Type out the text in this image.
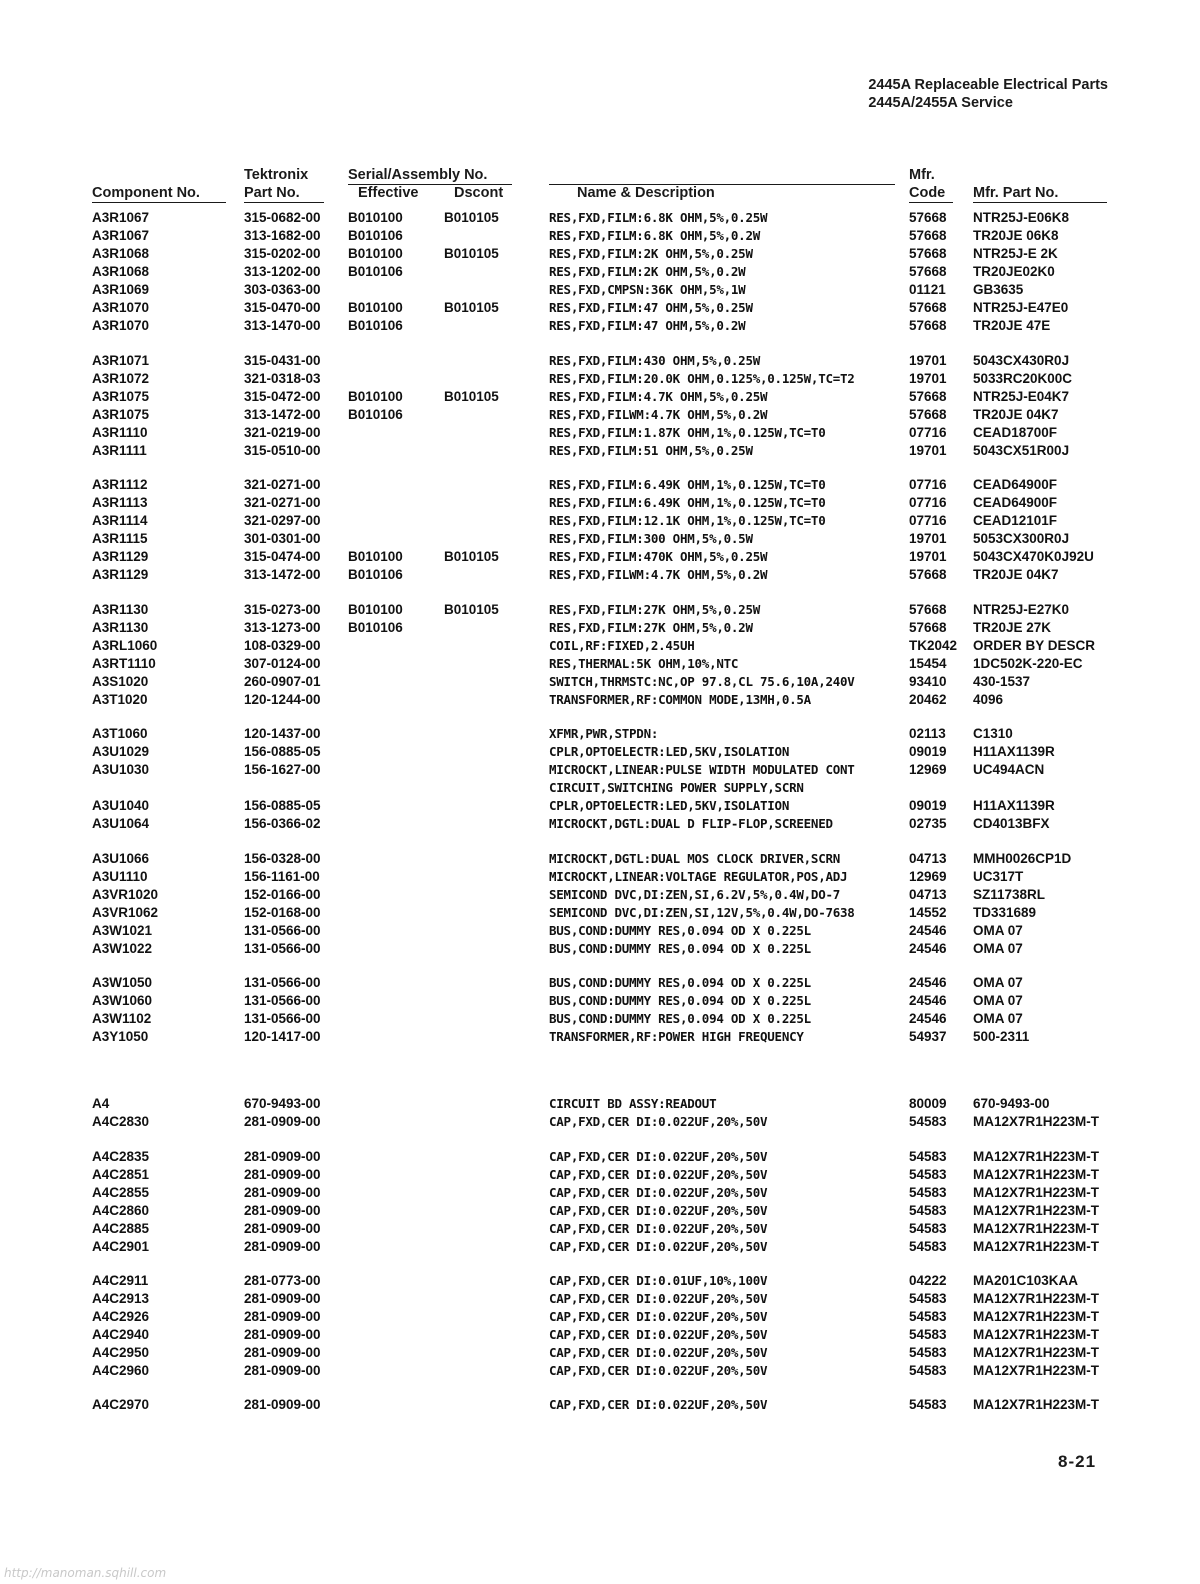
2445A Replaceable Electrical Parts
2445A/2455A Service
Tektronix	Serial/Assembly No.	Mfr.
Component No.	Part No.	Effective Dscont	Name & Description	Code	Mfr. Part No.
A3R1067	315-0682-00 B010100	B010105	RES,FXD,FILM:6.8K OHM,5%,0.25W	57668 NTR25J-E06K8
A3R1067	313-1682-00 B010106	RES,FXD,FILM:6.8K OHM,5%,0.2W	57668 TR20JE 06K8
A3R1068	315-0202-00 B010100	B010105	RES,FXD,FILM:2K OHM,5%,0.25W	57668 NTR25J-E 2K
A3R1068	313-1202-00 B010106	RES,FXD,FILM:2K OHM,5%,0.2W	57668 TR20JE02K0
A3R1069	303-0363-00	RES,FXD,CMPSN:36K OHM,5%,1W	01121 GB3635
A3R1070	315-0470-00 B010100	B010105	RES,FXD,FILM:47 OHM,5%,0.25W	57668 NTR25J-E47E0
A3R1070	313-1470-00 B010106	RES,FXD,FILM:47 OHM,5%,0.2W	57668 TR20JE 47E
A3R1071	315-0431-00	RES,FXD,FILM:430 OHM,5%,0.25W	19701 5043CX430R0J
A3R1072	321-0318-03	RES,FXD,FILM:20.0K OHM,0.125%,0.125W,TC=T2	19701 5033RC20K00C
A3R1075	315-0472-00 B010100	B010105	RES,FXD,FILM:4.7K OHM,5%,0.25W	57668 NTR25J-E04K7
A3R1075	313-1472-00 B010106	RES,FXD,FILWM:4.7K OHM,5%,0.2W	57668 TR20JE 04K7
A3R1110	321-0219-00	RES,FXD,FILM:1.87K OHM,1%,0.125W,TC=T0	07716 CEAD18700F
A3R1111	315-0510-00	RES,FXD,FILM:51 OHM,5%,0.25W	19701 5043CX51R00J
A3R1112	321-0271-00	RES,FXD,FILM:6.49K OHM,1%,0.125W,TC=T0	07716 CEAD64900F
A3R1113	321-0271-00	RES,FXD,FILM:6.49K OHM,1%,0.125W,TC=T0	07716 CEAD64900F
A3R1114	321-0297-00	RES,FXD,FILM:12.1K OHM,1%,0.125W,TC=T0	07716 CEAD12101F
A3R1115	301-0301-00	RES,FXD,FILM:300 OHM,5%,0.5W	19701 5053CX300R0J
A3R1129	315-0474-00 B010100	B010105	RES,FXD,FILM:470K OHM,5%,0.25W	19701 5043CX470K0J92U
A3R1129	313-1472-00 B010106	RES,FXD,FILWM:4.7K OHM,5%,0.2W	57668 TR20JE 04K7
A3R1130	315-0273-00 B010100	B010105	RES,FXD,FILM:27K OHM,5%,0.25W	57668 NTR25J-E27K0
A3R1130	313-1273-00 B010106	RES,FXD,FILM:27K OHM,5%,0.2W	57668 TR20JE 27K
A3RL1060	108-0329-00	COIL,RF:FIXED,2.45UH	TK2042 ORDER BY DESCR
A3RT1110	307-0124-00	RES,THERMAL:5K OHM,10%,NTC	15454 1DC502K-220-EC
A3S1020	260-0907-01	SWITCH,THRMSTC:NC,OP 97.8,CL 75.6,10A,240V	93410 430-1537
A3T1020	120-1244-00	TRANSFORMER,RF:COMMON MODE,13MH,0.5A	20462 4096
A3T1060	120-1437-00	XFMR,PWR,STPDN:	02113 C1310
A3U1029	156-0885-05	CPLR,OPTOELECTR:LED,5KV,ISOLATION	09019 H11AX1139R
A3U1030	156-1627-00	MICROCKT,LINEAR:PULSE WIDTH MODULATED CONT	12969 UC494ACN
CIRCUIT,SWITCHING POWER SUPPLY,SCRN
A3U1040	156-0885-05	CPLR,OPTOELECTR:LED,5KV,ISOLATION	09019 H11AX1139R
A3U1064	156-0366-02	MICROCKT,DGTL:DUAL D FLIP-FLOP,SCREENED	02735 CD4013BFX
A3U1066	156-0328-00	MICROCKT,DGTL:DUAL MOS CLOCK DRIVER,SCRN	04713 MMH0026CP1D
A3U1110	156-1161-00	MICROCKT,LINEAR:VOLTAGE REGULATOR,POS,ADJ	12969 UC317T
A3VR1020	152-0166-00	SEMICOND DVC,DI:ZEN,SI,6.2V,5%,0.4W,DO-7	04713 SZ11738RL
A3VR1062	152-0168-00	SEMICOND DVC,DI:ZEN,SI,12V,5%,0.4W,DO-7638	14552 TD331689
A3W1021	131-0566-00	BUS,COND:DUMMY RES,0.094 OD X 0.225L	24546 OMA 07
A3W1022	131-0566-00	BUS,COND:DUMMY RES,0.094 OD X 0.225L	24546 OMA 07
A3W1050	131-0566-00	BUS,COND:DUMMY RES,0.094 OD X 0.225L	24546 OMA 07
A3W1060	131-0566-00	BUS,COND:DUMMY RES,0.094 OD X 0.225L	24546 OMA 07
A3W1102	131-0566-00	BUS,COND:DUMMY RES,0.094 OD X 0.225L	24546 OMA 07
A3Y1050	120-1417-00	TRANSFORMER,RF:POWER HIGH FREQUENCY	54937 500-2311
A4	670-9493-00	CIRCUIT BD ASSY:READOUT	80009 670-9493-00
A4C2830	281-0909-00	CAP,FXD,CER DI:0.022UF,20%,50V	54583 MA12X7R1H223M-T
A4C2835	281-0909-00	CAP,FXD,CER DI:0.022UF,20%,50V	54583 MA12X7R1H223M-T
A4C2851	281-0909-00	CAP,FXD,CER DI:0.022UF,20%,50V	54583 MA12X7R1H223M-T
A4C2855	281-0909-00	CAP,FXD,CER DI:0.022UF,20%,50V	54583 MA12X7R1H223M-T
A4C2860	281-0909-00	CAP,FXD,CER DI:0.022UF,20%,50V	54583 MA12X7R1H223M-T
A4C2885	281-0909-00	CAP,FXD,CER DI:0.022UF,20%,50V	54583 MA12X7R1H223M-T
A4C2901	281-0909-00	CAP,FXD,CER DI:0.022UF,20%,50V	54583 MA12X7R1H223M-T
A4C2911	281-0773-00	CAP,FXD,CER DI:0.01UF,10%,100V	04222 MA201C103KAA
A4C2913	281-0909-00	CAP,FXD,CER DI:0.022UF,20%,50V	54583 MA12X7R1H223M-T
A4C2926	281-0909-00	CAP,FXD,CER DI:0.022UF,20%,50V	54583 MA12X7R1H223M-T
A4C2940	281-0909-00	CAP,FXD,CER DI:0.022UF,20%,50V	54583 MA12X7R1H223M-T
A4C2950	281-0909-00	CAP,FXD,CER DI:0.022UF,20%,50V	54583 MA12X7R1H223M-T
A4C2960	281-0909-00	CAP,FXD,CER DI:0.022UF,20%,50V	54583 MA12X7R1H223M-T
A4C2970	281-0909-00	CAP,FXD,CER DI:0.022UF,20%,50V	54583 MA12X7R1H223M-T
8-21
http://manoman.sqhill.com
